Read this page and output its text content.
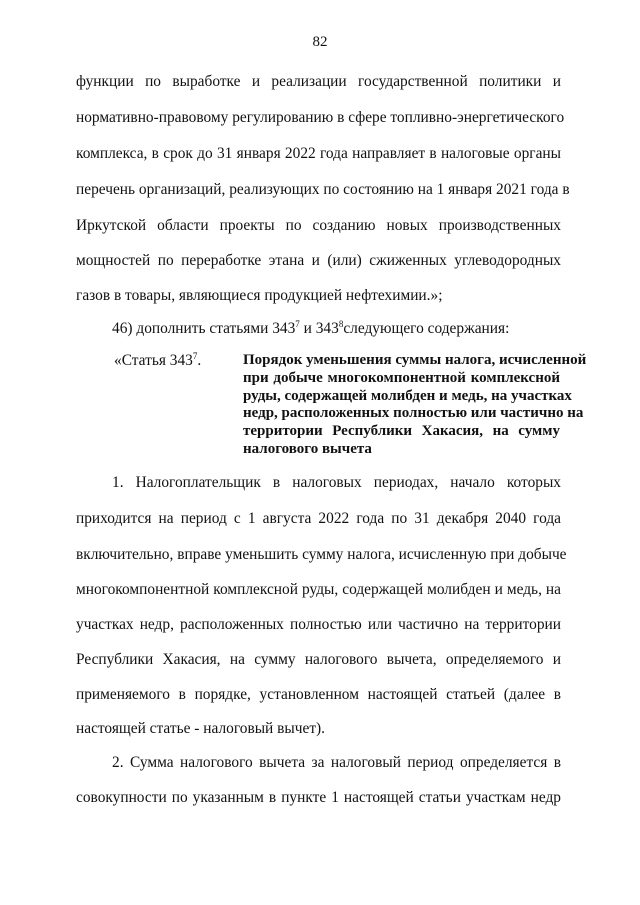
82
функции по выработке и реализации государственной политики и
нормативно-правовому регулированию в сфере топливно-энергетического
комплекса, в срок до 31 января 2022 года направляет в налоговые органы
перечень организаций, реализующих по состоянию на 1 января 2021 года в
Иркутской области проекты по созданию новых производственных
мощностей по переработке этана и (или) сжиженных углеводородных
газов в товары, являющиеся продукцией нефтехимии.»;
46) дополнить статьями $343^7$ и $343^8следующего$ содержания:
«Статья $343^7$.	Порядок уменьшения суммы налога, исчисленной
при добыче многокомпонентной комплексной
руды, содержащей молибден и медь, на участках
недр, расположенных полностью или частично на
территории Республики Хакасия, на сумму
налогового вычета
1. Налогоплательщик в налоговых периодах, начало которых
приходится на период с 1 августа 2022 года по 31 декабря 2040 года
включительно, вправе уменьшить сумму налога, исчисленную при добыче
многокомпонентной комплексной руды, содержащей молибден и медь, на
участках недр, расположенных полностью или частично на территории
Республики Хакасия, на сумму налогового вычета, определяемого и
применяемого в порядке, установленном настоящей статьей (далее в
настоящей статье - налоговый вычет).
2. Сумма налогового вычета за налоговый период определяется в
совокупности по указанным в пункте 1 настоящей статьи участкам недр
